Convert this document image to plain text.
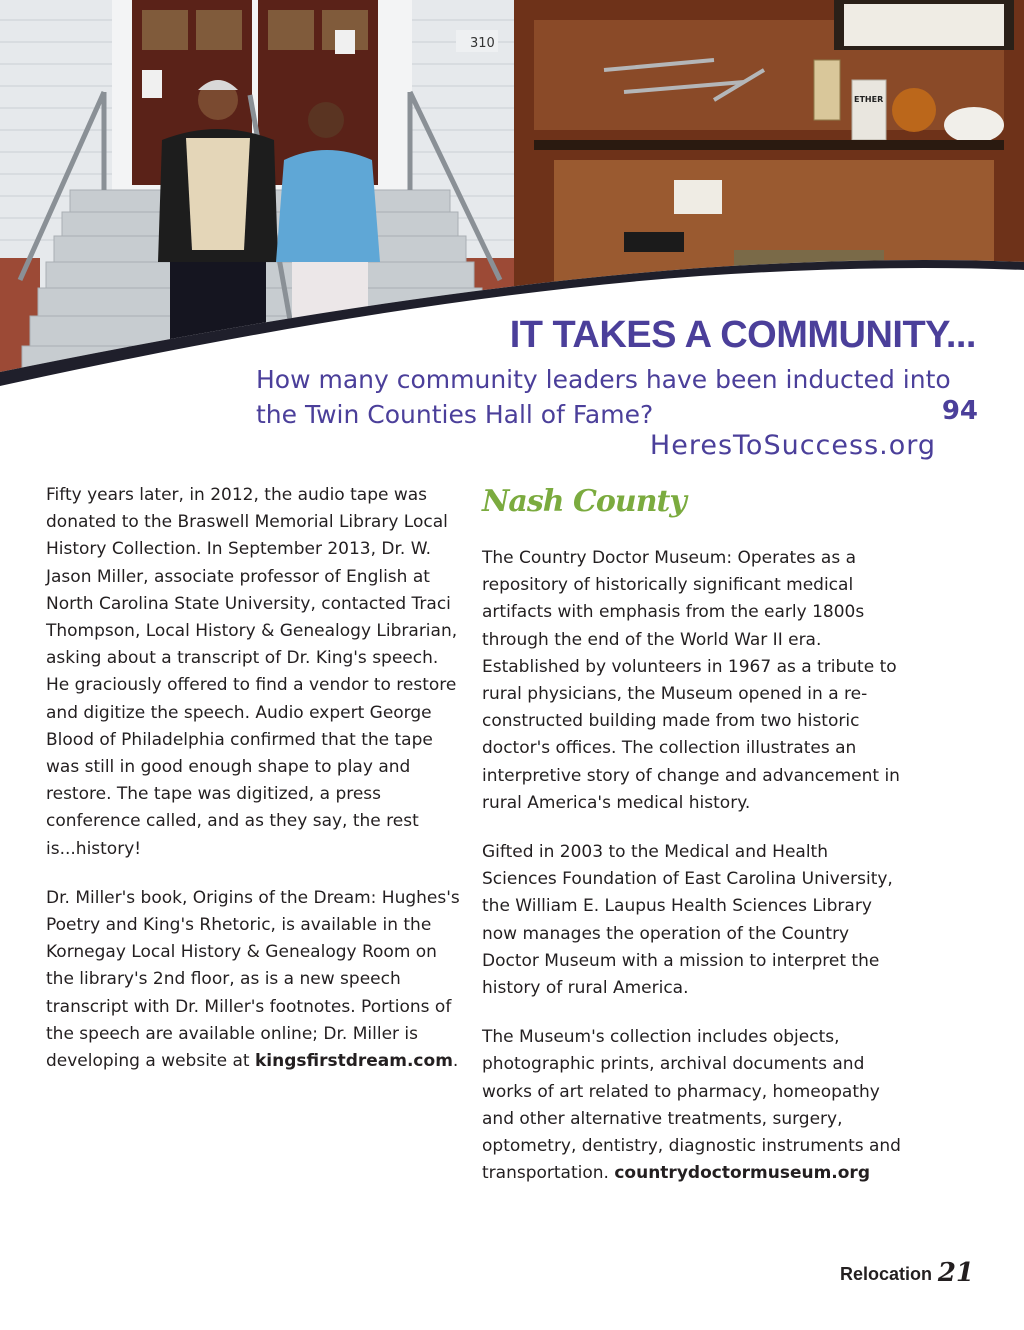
310
ETHER
IT TAKES A COMMUNITY...

How many community leaders have been inducted into the Twin Counties Hall of Fame?	94
HeresToSuccess.org

Fifty years later, in 2012, the audio tape was donated to the Braswell Memorial Library Local History Collection. In September 2013, Dr. W. Jason Miller, associate professor of English at North Carolina State University, contacted Traci Thompson, Local History & Genealogy Librarian, asking about a transcript of Dr. King's speech. He graciously offered to find a vendor to restore and digitize the speech. Audio expert George Blood of Philadelphia confirmed that the tape was still in good enough shape to play and restore. The tape was digitized, a press conference called, and as they say, the rest is...history!

Dr. Miller's book, Origins of the Dream: Hughes's Poetry and King's Rhetoric, is available in the Kornegay Local History & Genealogy Room on the library's 2nd floor, as is a new speech transcript with Dr. Miller's footnotes. Portions of the speech are available online; Dr. Miller is developing a website at kingsfirstdream.com.

Nash County

The Country Doctor Museum: Operates as a repository of historically significant medical artifacts with emphasis from the early 1800s through the end of the World War II era. Established by volunteers in 1967 as a tribute to rural physicians, the Museum opened in a re-constructed building made from two historic doctor's offices. The collection illustrates an interpretive story of change and advancement in rural America's medical history.

Gifted in 2003 to the Medical and Health Sciences Foundation of East Carolina University, the William E. Laupus Health Sciences Library now manages the operation of the Country Doctor Museum with a mission to interpret the history of rural America.

The Museum's collection includes objects, photographic prints, archival documents and works of art related to pharmacy, homeopathy and other alternative treatments, surgery, optometry, dentistry, diagnostic instruments and transportation. countrydoctormuseum.org

Relocation 21
